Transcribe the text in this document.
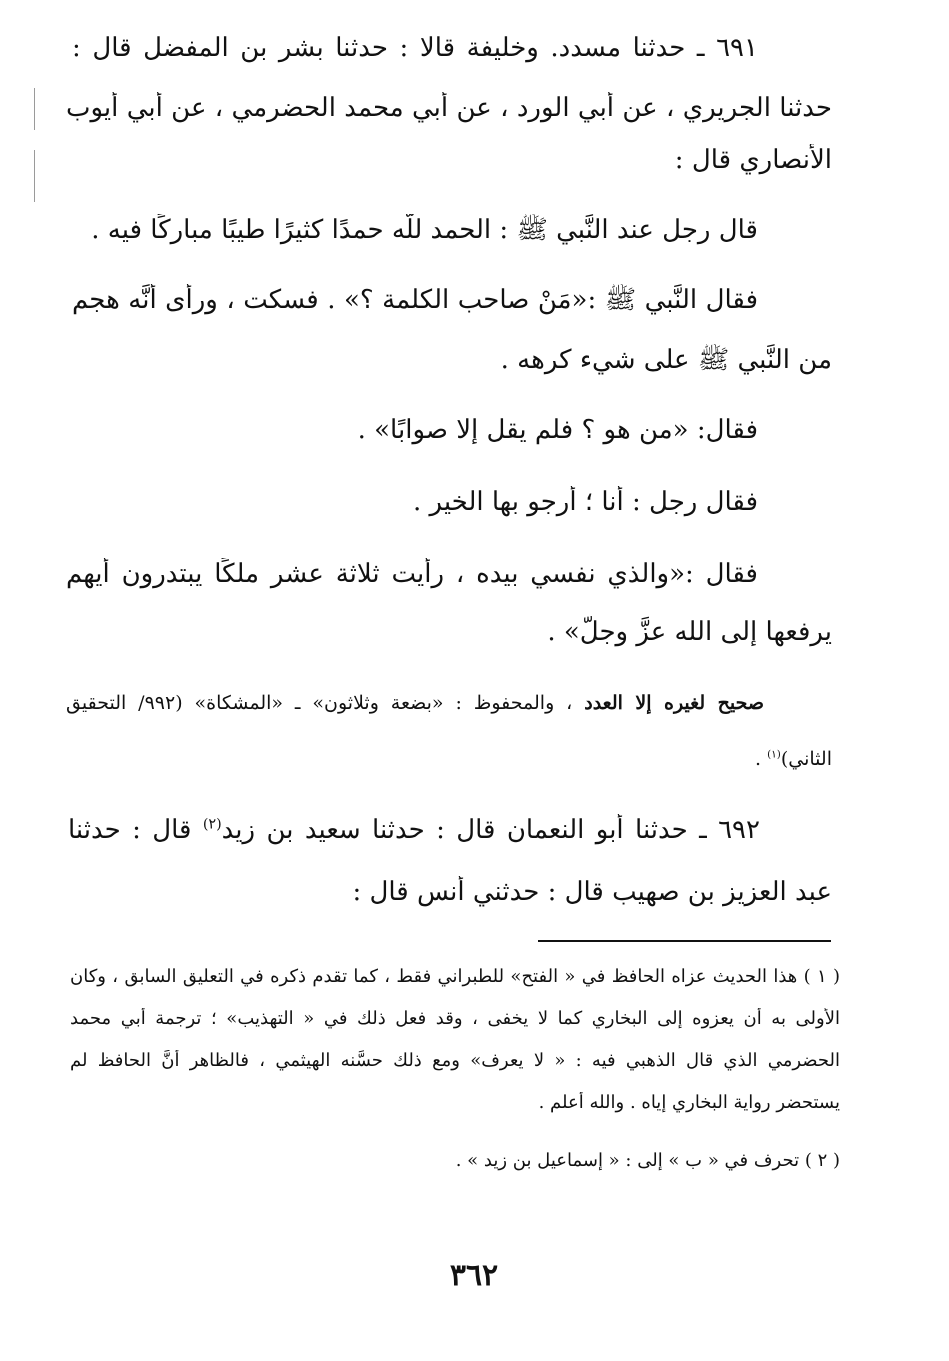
٦٩١ ـ حدثنا مسدد. وخليفة قالا : حدثنا بشر بن المفضل قال :

حدثنا الجريري ، عن أبي الورد ، عن أبي محمد الحضرمي ، عن أبي أيوب

الأنصاري قال :

قال رجل عند النَّبي ﷺ : الحمد للّه حمدًا كثيرًا طيبًا مباركًا فيه .

فقال النَّبي ﷺ :«مَنْ صاحب الكلمة ؟» . فسكت ، ورأى أنَّه هجم

من النَّبي ﷺ على شيء كرهه .

فقال: «من هو ؟ فلم يقل إلا صوابًا» .

فقال رجل : أنا ؛ أرجو بها الخير .

فقال :«والذي نفسي بيده ، رأيت ثلاثة عشر ملكًا يبتدرون أيهم

يرفعها إلى الله عزَّ وجلَّ» .

صحيح لغيره إلا العدد ، والمحفوظ : «بضعة وثلاثون» ـ «المشكاة» (٩٩٢/ التحقيق

الثاني)$^{(١)}$ .

٦٩٢ ـ حدثنا أبو النعمان قال : حدثنا سعيد بن زيد$^{(٢)}$ قال : حدثنا

عبد العزيز بن صهيب قال : حدثني أنس قال :

( ١ ) هذا الحديث عزاه الحافظ في « الفتح» للطبراني فقط ، كما تقدم ذكره في التعليق السابق ، وكان

الأولى به أن يعزوه إلى البخاري كما لا يخفى ، وقد فعل ذلك في « التهذيب» ؛ ترجمة أبي محمد

الحضرمي الذي قال الذهبي فيه : « لا يعرف» ومع ذلك حسَّنه الهيثمي ، فالظاهر أنَّ الحافظ لم

يستحضر رواية البخاري إياه . والله أعلم .

( ٢ ) تحرف في « ب » إلى : « إسماعيل بن زيد » .

٣٦٢
